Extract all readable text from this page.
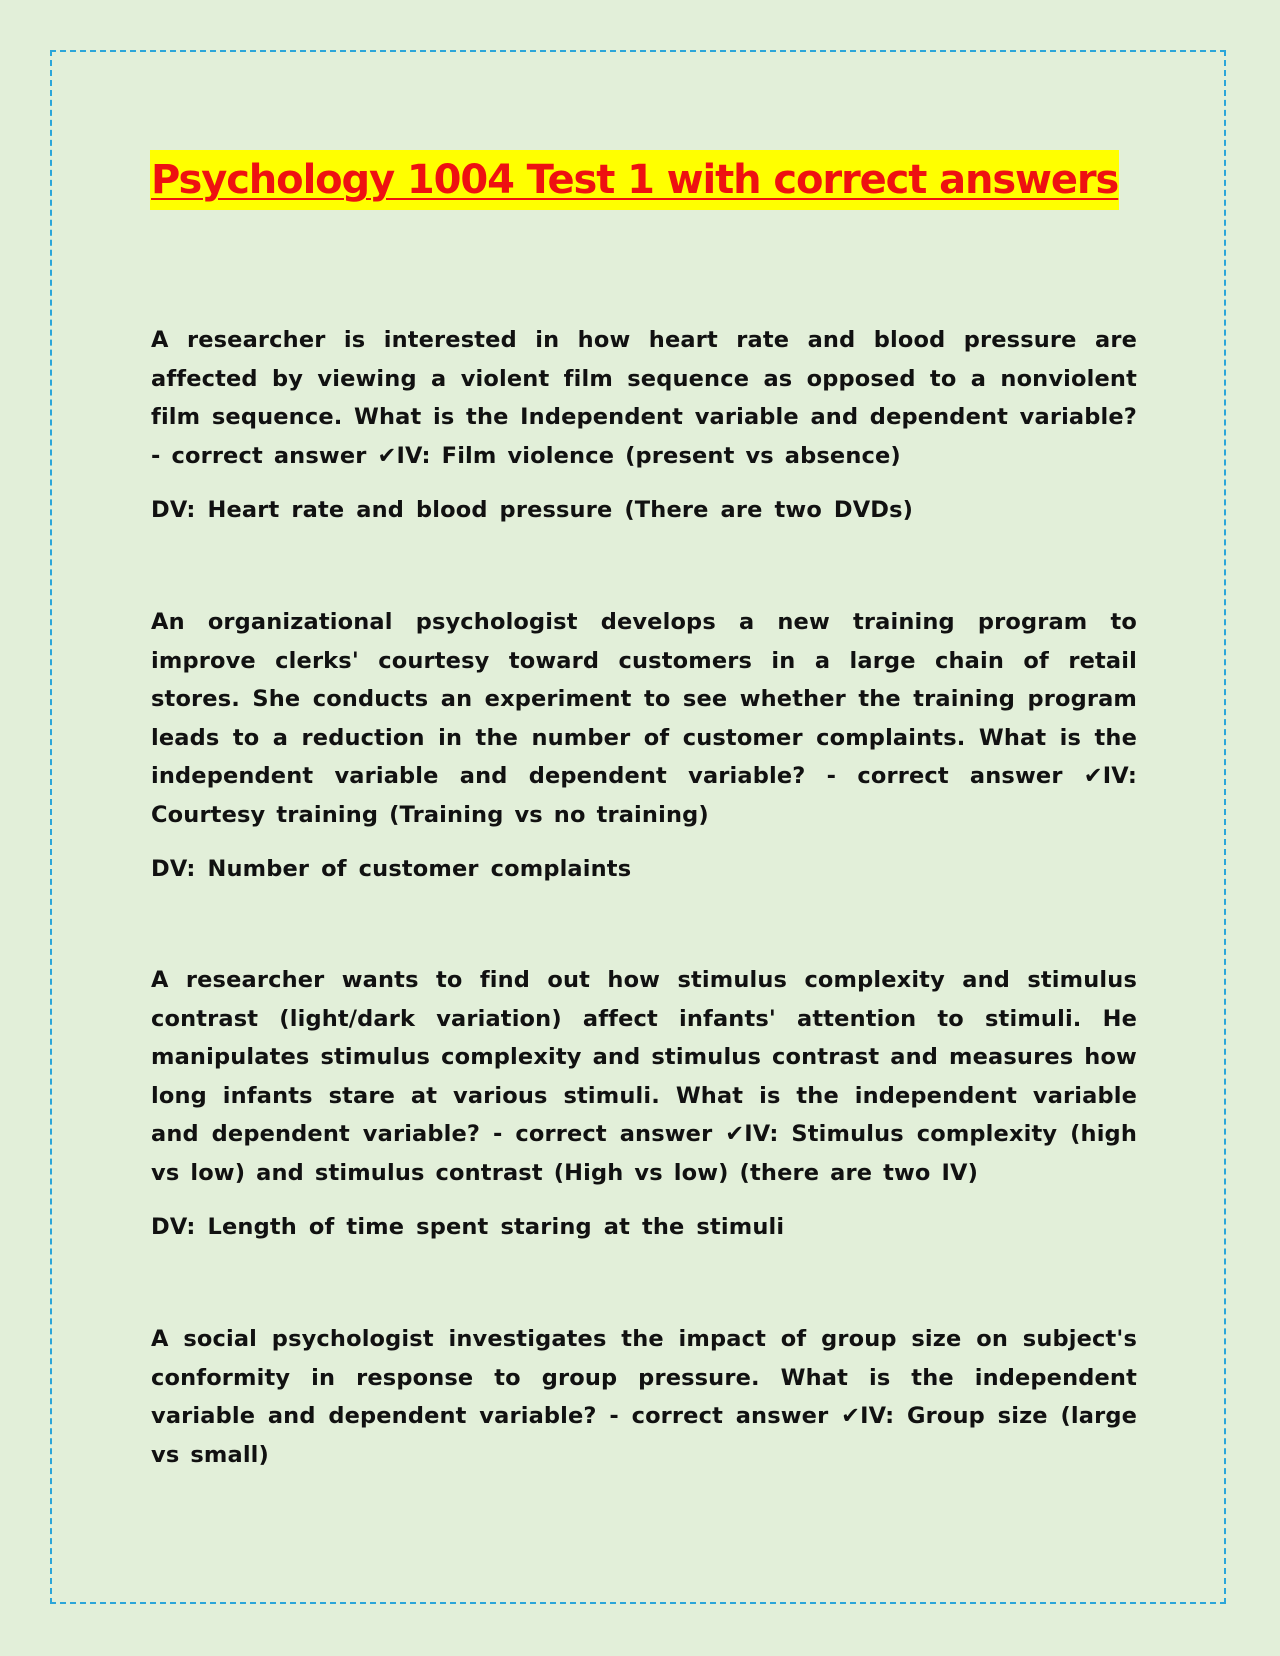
Psychology 1004 Test 1 with correct answers

A researcher is interested in how heart rate and blood pressure are affected by viewing a violent film sequence as opposed to a nonviolent film sequence. What is the Independent variable and dependent variable? - correct answer ✔IV: Film violence (present vs absence)

DV: Heart rate and blood pressure (There are two DVDs)

An organizational psychologist develops a new training program to improve clerks' courtesy toward customers in a large chain of retail stores. She conducts an experiment to see whether the training program leads to a reduction in the number of customer complaints. What is the independent variable and dependent variable? - correct answer ✔IV: Courtesy training (Training vs no training)

DV: Number of customer complaints

A researcher wants to find out how stimulus complexity and stimulus contrast (light/dark variation) affect infants' attention to stimuli. He manipulates stimulus complexity and stimulus contrast and measures how long infants stare at various stimuli. What is the independent variable and dependent variable? - correct answer ✔IV: Stimulus complexity (high vs low) and stimulus contrast (High vs low) (there are two IV)

DV: Length of time spent staring at the stimuli

A social psychologist investigates the impact of group size on subject's conformity in response to group pressure. What is the independent variable and dependent variable? - correct answer ✔IV: Group size (large vs small)
